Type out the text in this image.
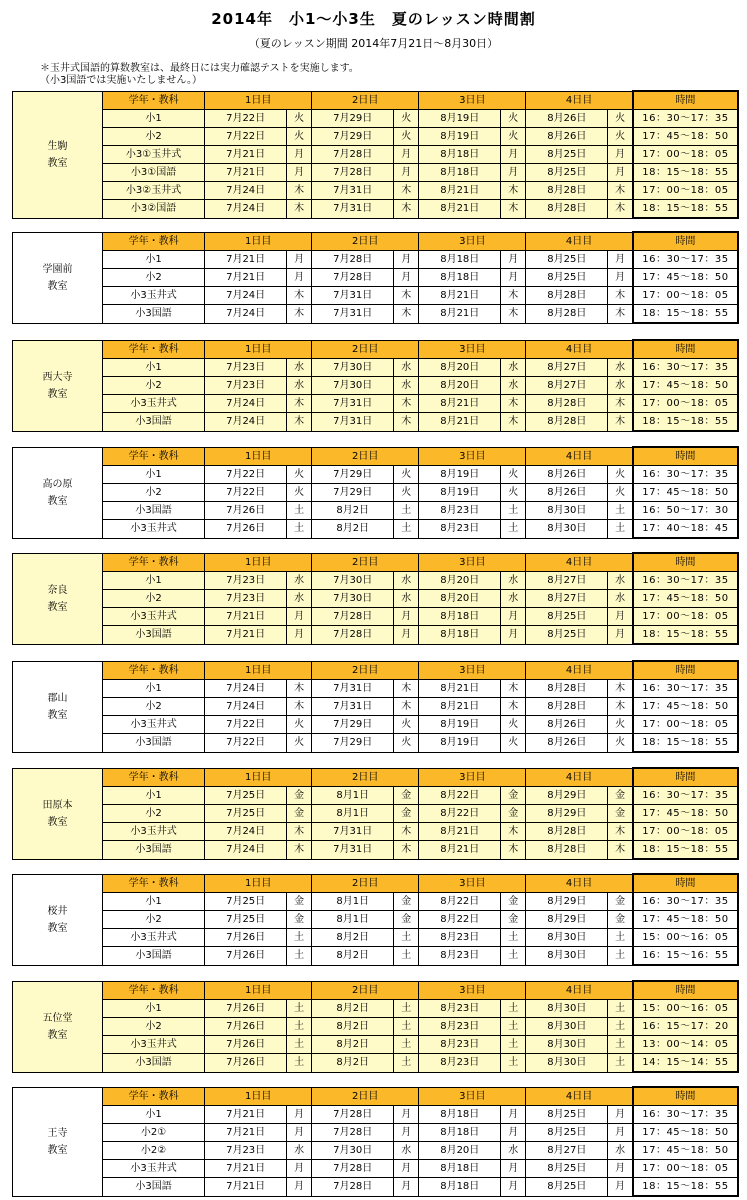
2014年　小1～小3生　夏のレッスン時間割
（夏のレッスン期間 2014年7月21日～8月30日）
＊玉井式国語的算数教室は、最終日には実力確認テストを実施します。
（小3国語では実施いたしません。）
生駒
教室	学年・教科	1日目		2日目		3日目		4日目		時間
	小1	7月22日	火	7月29日	火	8月19日	火	8月26日	火	16：30～17：35
	小2	7月22日	火	7月29日	火	8月19日	火	8月26日	火	17：45～18：50
	小3①玉井式	7月21日	月	7月28日	月	8月18日	月	8月25日	月	17：00～18：05
	小3①国語	7月21日	月	7月28日	月	8月18日	月	8月25日	月	18：15～18：55
	小3②玉井式	7月24日	木	7月31日	木	8月21日	木	8月28日	木	17：00～18：05
	小3②国語	7月24日	木	7月31日	木	8月21日	木	8月28日	木	18：15～18：55
学園前
教室	学年・教科	1日目		2日目		3日目		4日目		時間
	小1	7月21日	月	7月28日	月	8月18日	月	8月25日	月	16：30～17：35
	小2	7月21日	月	7月28日	月	8月18日	月	8月25日	月	17：45～18：50
	小3玉井式	7月24日	木	7月31日	木	8月21日	木	8月28日	木	17：00～18：05
	小3国語	7月24日	木	7月31日	木	8月21日	木	8月28日	木	18：15～18：55
西大寺
教室	学年・教科	1日目		2日目		3日目		4日目		時間
	小1	7月23日	水	7月30日	水	8月20日	水	8月27日	水	16：30～17：35
	小2	7月23日	水	7月30日	水	8月20日	水	8月27日	水	17：45～18：50
	小3玉井式	7月24日	木	7月31日	木	8月21日	木	8月28日	木	17：00～18：05
	小3国語	7月24日	木	7月31日	木	8月21日	木	8月28日	木	18：15～18：55
高の原
教室	学年・教科	1日目		2日目		3日目		4日目		時間
	小1	7月22日	火	7月29日	火	8月19日	火	8月26日	火	16：30～17：35
	小2	7月22日	火	7月29日	火	8月19日	火	8月26日	火	17：45～18：50
	小3国語	7月26日	土	8月2日	土	8月23日	土	8月30日	土	16：50～17：30
	小3玉井式	7月26日	土	8月2日	土	8月23日	土	8月30日	土	17：40～18：45
奈良
教室	学年・教科	1日目		2日目		3日目		4日目		時間
	小1	7月23日	水	7月30日	水	8月20日	水	8月27日	水	16：30～17：35
	小2	7月23日	水	7月30日	水	8月20日	水	8月27日	水	17：45～18：50
	小3玉井式	7月21日	月	7月28日	月	8月18日	月	8月25日	月	17：00～18：05
	小3国語	7月21日	月	7月28日	月	8月18日	月	8月25日	月	18：15～18：55
郡山
教室	学年・教科	1日目		2日目		3日目		4日目		時間
	小1	7月24日	木	7月31日	木	8月21日	木	8月28日	木	16：30～17：35
	小2	7月24日	木	7月31日	木	8月21日	木	8月28日	木	17：45～18：50
	小3玉井式	7月22日	火	7月29日	火	8月19日	火	8月26日	火	17：00～18：05
	小3国語	7月22日	火	7月29日	火	8月19日	火	8月26日	火	18：15～18：55
田原本
教室	学年・教科	1日目		2日目		3日目		4日目		時間
	小1	7月25日	金	8月1日	金	8月22日	金	8月29日	金	16：30～17：35
	小2	7月25日	金	8月1日	金	8月22日	金	8月29日	金	17：45～18：50
	小3玉井式	7月24日	木	7月31日	木	8月21日	木	8月28日	木	17：00～18：05
	小3国語	7月24日	木	7月31日	木	8月21日	木	8月28日	木	18：15～18：55
桜井
教室	学年・教科	1日目		2日目		3日目		4日目		時間
	小1	7月25日	金	8月1日	金	8月22日	金	8月29日	金	16：30～17：35
	小2	7月25日	金	8月1日	金	8月22日	金	8月29日	金	17：45～18：50
	小3玉井式	7月26日	土	8月2日	土	8月23日	土	8月30日	土	15：00～16：05
	小3国語	7月26日	土	8月2日	土	8月23日	土	8月30日	土	16：15～16：55
五位堂
教室	学年・教科	1日目		2日目		3日目		4日目		時間
	小1	7月26日	土	8月2日	土	8月23日	土	8月30日	土	15：00～16：05
	小2	7月26日	土	8月2日	土	8月23日	土	8月30日	土	16：15～17：20
	小3玉井式	7月26日	土	8月2日	土	8月23日	土	8月30日	土	13：00～14：05
	小3国語	7月26日	土	8月2日	土	8月23日	土	8月30日	土	14：15～14：55
王寺
教室	学年・教科	1日目		2日目		3日目		4日目		時間
	小1	7月21日	月	7月28日	月	8月18日	月	8月25日	月	16：30～17：35
	小2①	7月21日	月	7月28日	月	8月18日	月	8月25日	月	17：45～18：50
	小2②	7月23日	水	7月30日	水	8月20日	水	8月27日	水	17：45～18：50
	小3玉井式	7月21日	月	7月28日	月	8月18日	月	8月25日	月	17：00～18：05
	小3国語	7月21日	月	7月28日	月	8月18日	月	8月25日	月	18：15～18：55
